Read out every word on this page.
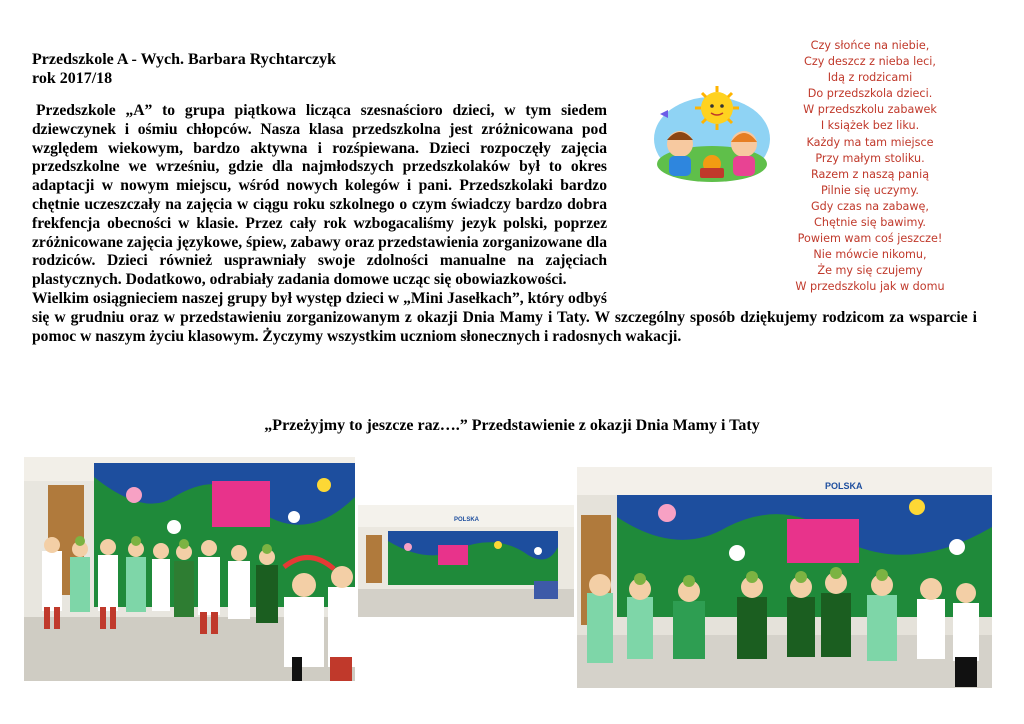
Przedszkole A - Wych. Barbara Rychtarczyk
rok 2017/18

Przedszkole „A” to grupa piątkowa licząca szesnaścioro dzieci, w tym siedem dziewczynek i ośmiu chłopców. Nasza klasa przedszkolna jest zróżnicowana pod względem wiekowym, bardzo aktywna i rozśpiewana. Dzieci rozpoczęły zajęcia przedszkolne we wrześniu, gdzie dla najmłodszych przedszkolaków był to okres adaptacji w nowym miejscu, wśród nowych kolegów i pani. Przedszkolaki bardzo chętnie uczeszczały na zajęcia w ciągu roku szkolnego o czym świadczy bardzo dobra frekfencja obecności w klasie. Przez cały rok wzbogacaliśmy jezyk polski, poprzez zróżnicowane zajęcia językowe, śpiew, zabawy oraz przedstawienia zorganizowane dla rodziców. Dzieci również usprawniały swoje zdolności manualne na zajęciach plastycznych. Dodatkowo, odrabiały zadania domowe ucząc się obowiazkowości.

Wielkim osiągnieciem naszej grupy był występ dzieci w „Mini Jasełkach”, który odbyś się w grudniu oraz w przedstawieniu zorganizowanym z okazji Dnia Mamy i Taty. W szczególny sposób dziękujemy rodzicom za wsparcie i pomoc w naszym życiu klasowym. Życzymy wszystkim uczniom słonecznych i radosnych wakacji.

Czy słońce na niebie,
Czy deszcz z nieba leci,
Idą z rodzicami
Do przedszkola dzieci.
W przedszkolu zabawek
I książek bez liku.
Każdy ma tam miejsce
Przy małym stoliku.
Razem z naszą panią
Pilnie się uczymy.
Gdy czas na zabawę,
Chętnie się bawimy.
Powiem wam coś jeszcze!
Nie mówcie nikomu,
Że my się czujemy
W przedszkolu jak w domu
„Przeżyjmy to jeszcze raz….” Przedstawienie z okazji Dnia Mamy i Taty
POLSKA
POLSKA
